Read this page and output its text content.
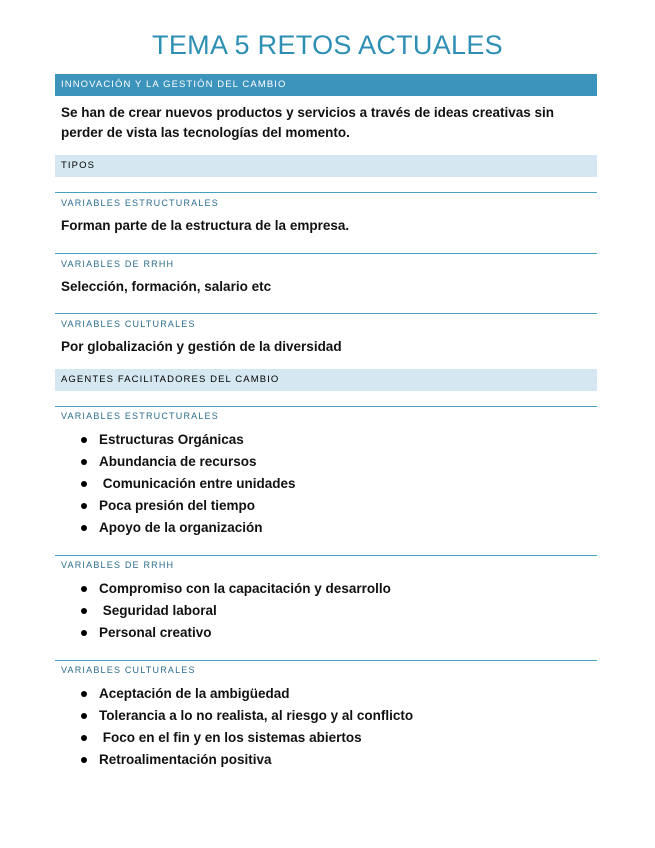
TEMA 5 RETOS ACTUALES
INNOVACIÓN Y LA GESTIÓN DEL CAMBIO

Se han de crear nuevos productos y servicios a través de ideas creativas sin perder de vista las tecnologías del momento.

TIPOS

VARIABLES ESTRUCTURALES

Forman parte de la estructura de la empresa.

VARIABLES DE RRHH

Selección, formación, salario etc

VARIABLES CULTURALES

Por globalización y gestión de la diversidad

AGENTES FACILITADORES DEL CAMBIO

VARIABLES ESTRUCTURALES

Estructuras Orgánicas
Abundancia de recursos
Comunicación entre unidades
Poca presión del tiempo
Apoyo de la organización

VARIABLES DE RRHH

Compromiso con la capacitación y desarrollo
Seguridad laboral
Personal creativo

VARIABLES CULTURALES

Aceptación de la ambigüedad
Tolerancia a lo no realista, al riesgo y al conflicto
Foco en el fin y en los sistemas abiertos
Retroalimentación positiva
